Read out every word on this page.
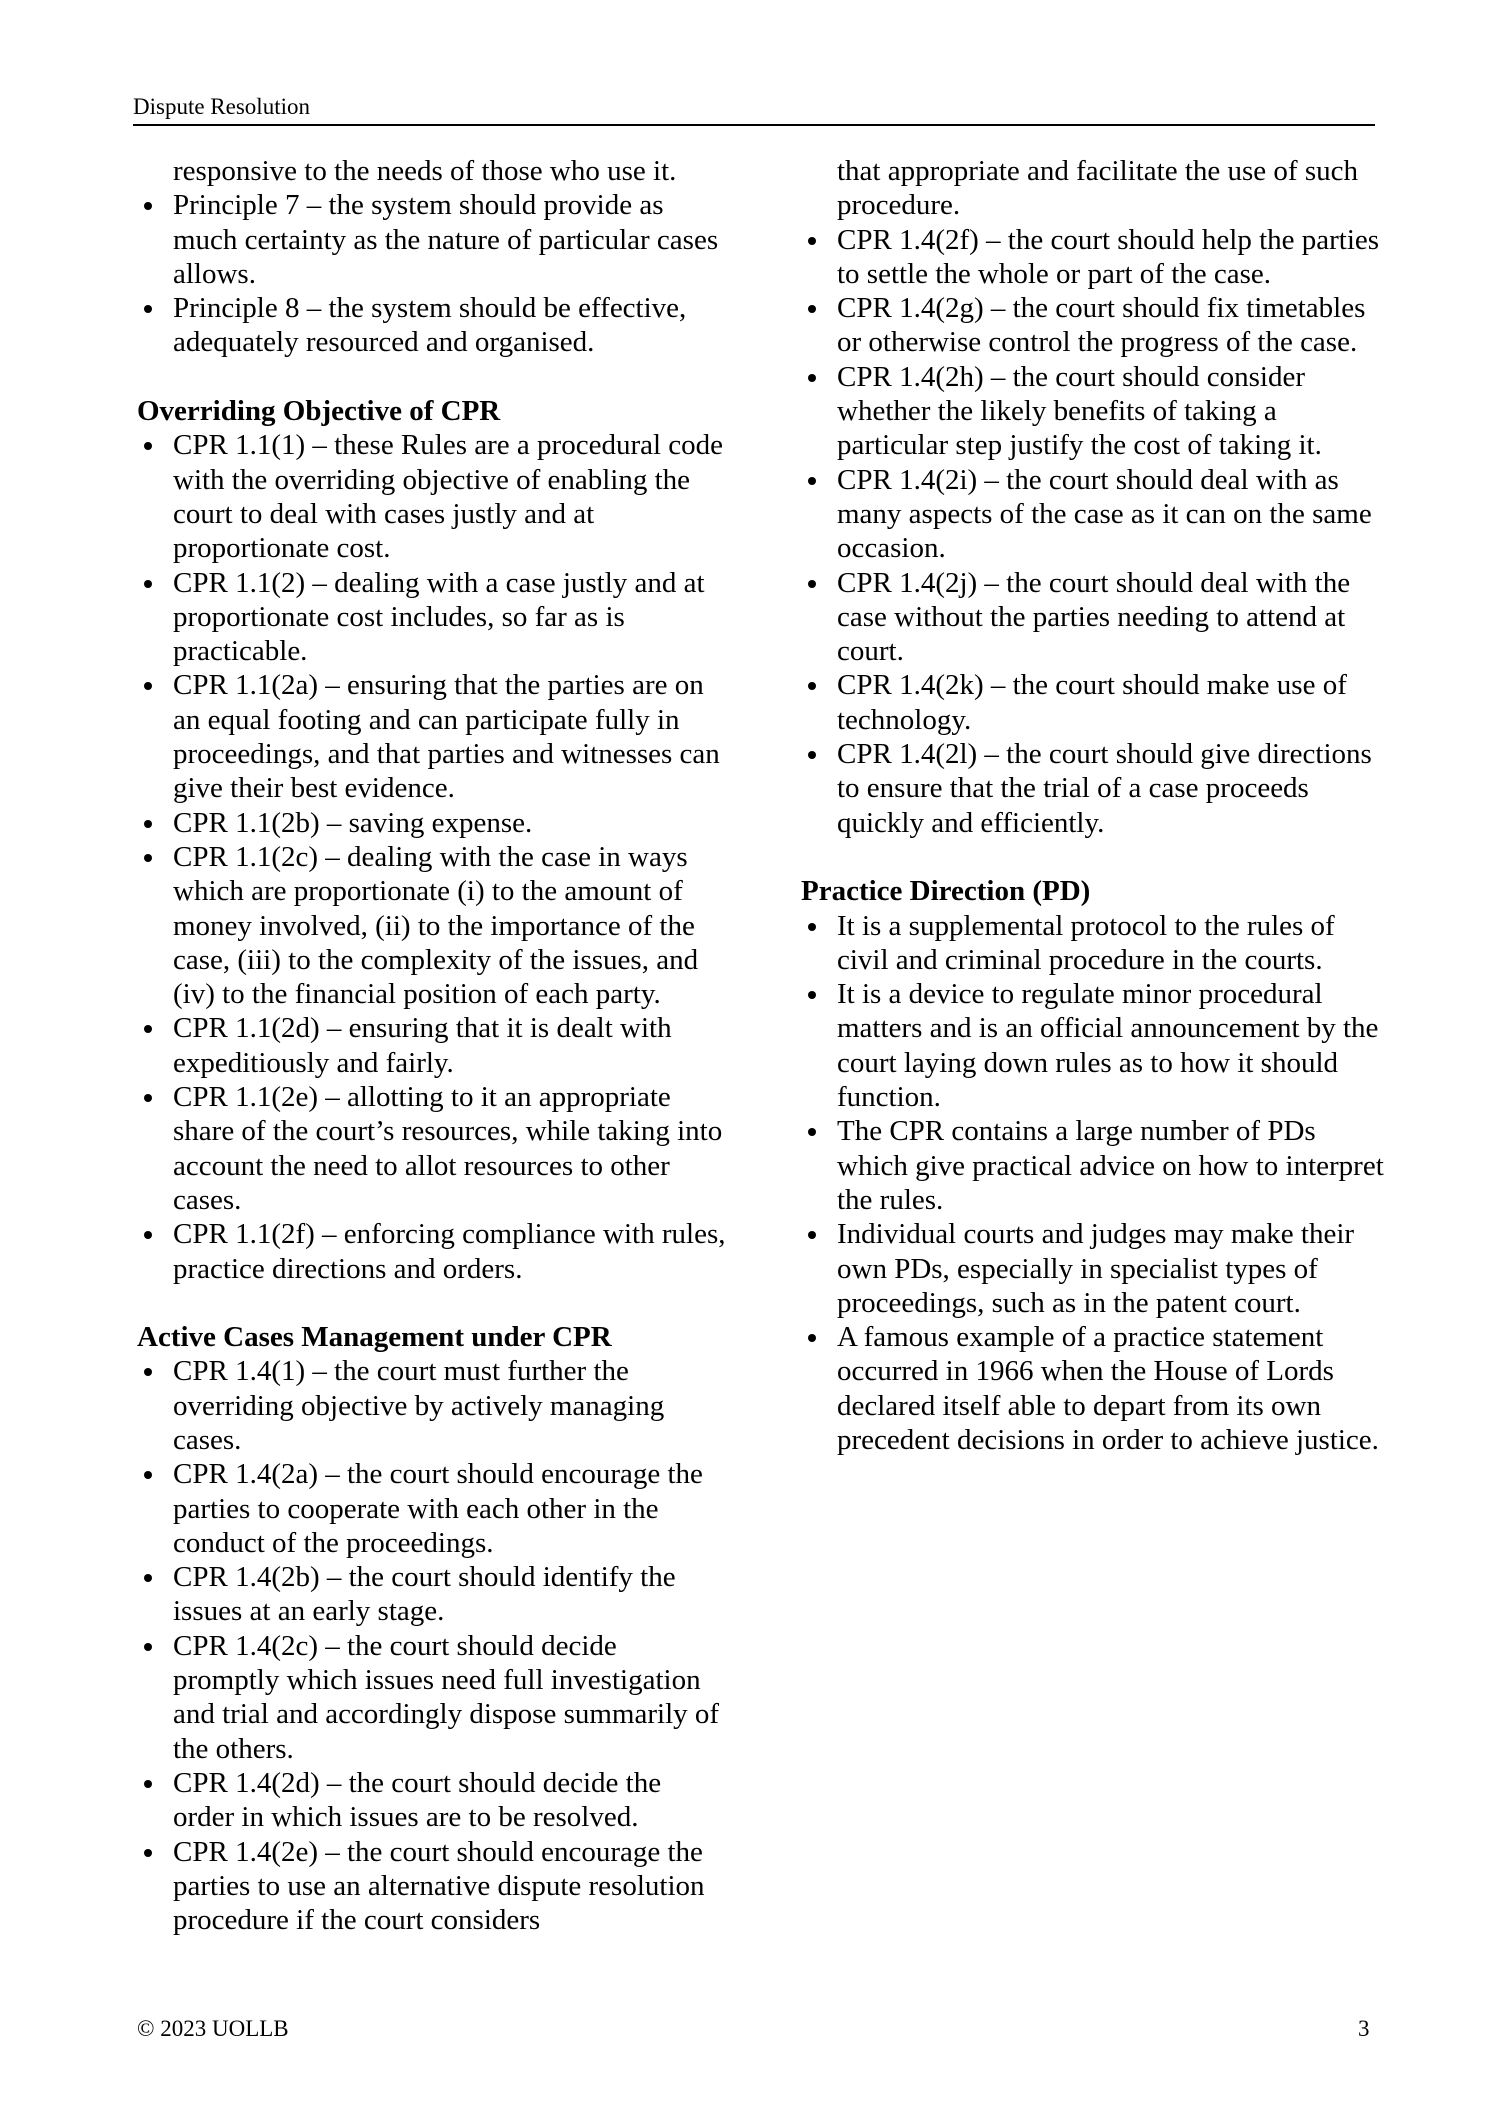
Dispute Resolution
responsive to the needs of those who use it.
Principle 7 – the system should provide as much certainty as the nature of particular cases allows.
Principle 8 – the system should be effective, adequately resourced and organised.
Overriding Objective of CPR
CPR 1.1(1) – these Rules are a procedural code with the overriding objective of enabling the court to deal with cases justly and at proportionate cost.
CPR 1.1(2) – dealing with a case justly and at proportionate cost includes, so far as is practicable.
CPR 1.1(2a) – ensuring that the parties are on an equal footing and can participate fully in proceedings, and that parties and witnesses can give their best evidence.
CPR 1.1(2b) – saving expense.
CPR 1.1(2c) – dealing with the case in ways which are proportionate (i) to the amount of money involved, (ii) to the importance of the case, (iii) to the complexity of the issues, and (iv) to the financial position of each party.
CPR 1.1(2d) – ensuring that it is dealt with expeditiously and fairly.
CPR 1.1(2e) – allotting to it an appropriate share of the court’s resources, while taking into account the need to allot resources to other cases.
CPR 1.1(2f) – enforcing compliance with rules, practice directions and orders.
Active Cases Management under CPR
CPR 1.4(1) – the court must further the overriding objective by actively managing cases.
CPR 1.4(2a) – the court should encourage the parties to cooperate with each other in the conduct of the proceedings.
CPR 1.4(2b) – the court should identify the issues at an early stage.
CPR 1.4(2c) – the court should decide promptly which issues need full investigation and trial and accordingly dispose summarily of the others.
CPR 1.4(2d) – the court should decide the order in which issues are to be resolved.
CPR 1.4(2e) – the court should encourage the parties to use an alternative dispute resolution procedure if the court considers
that appropriate and facilitate the use of such procedure.
CPR 1.4(2f) – the court should help the parties to settle the whole or part of the case.
CPR 1.4(2g) – the court should fix timetables or otherwise control the progress of the case.
CPR 1.4(2h) – the court should consider whether the likely benefits of taking a particular step justify the cost of taking it.
CPR 1.4(2i) – the court should deal with as many aspects of the case as it can on the same occasion.
CPR 1.4(2j) – the court should deal with the case without the parties needing to attend at court.
CPR 1.4(2k) – the court should make use of technology.
CPR 1.4(2l) – the court should give directions to ensure that the trial of a case proceeds quickly and efficiently.
Practice Direction (PD)
It is a supplemental protocol to the rules of civil and criminal procedure in the courts.
It is a device to regulate minor procedural matters and is an official announcement by the court laying down rules as to how it should function.
The CPR contains a large number of PDs which give practical advice on how to interpret the rules.
Individual courts and judges may make their own PDs, especially in specialist types of proceedings, such as in the patent court.
A famous example of a practice statement occurred in 1966 when the House of Lords declared itself able to depart from its own precedent decisions in order to achieve justice.
© 2023 UOLLB	3
